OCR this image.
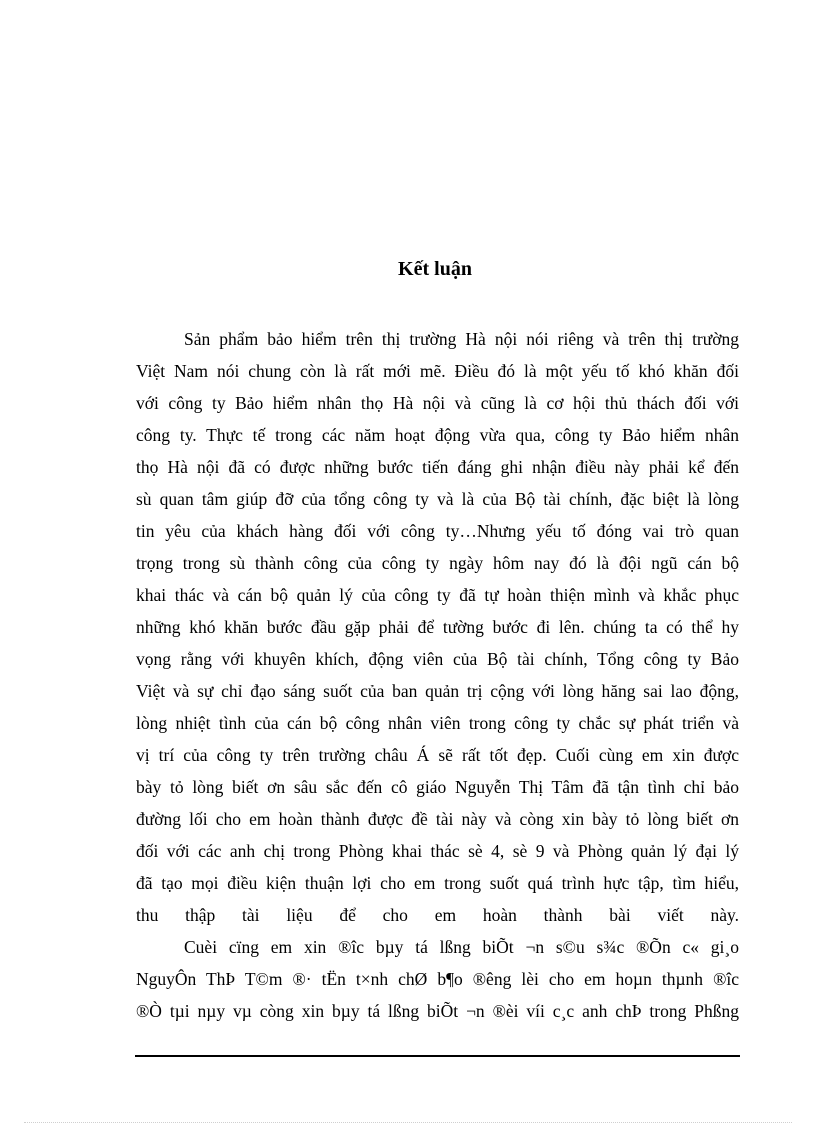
Kết luận
Sản phẩm bảo hiểm trên thị trường Hà nội nói riêng và trên thị trường
Việt Nam nói chung còn là rất mới mẽ. Điều đó là một yếu tố khó khăn đối
với công ty Bảo hiểm nhân thọ Hà nội và cũng là cơ hội thủ thách đối với
công ty. Thực tế trong các năm hoạt động vừa qua, công ty Bảo hiểm nhân
thọ Hà nội đã có được những bước tiến đáng ghi nhận điều này phải kể đến
sù quan tâm giúp đỡ của tổng công ty và là của Bộ tài chính, đặc biệt là lòng
tin yêu của khách hàng đối với công ty…Nhưng yếu tố đóng vai trò quan
trọng trong sù thành công của công ty ngày hôm nay đó là đội ngũ cán bộ
khai thác và cán bộ quản lý của công ty đã tự hoàn thiện mình và khắc phục
những khó khăn bước đầu gặp phải để tường bước đi lên. chúng ta có thể hy
vọng rằng với khuyên khích, động viên của Bộ tài chính, Tổng công ty Bảo
Việt và sự chỉ đạo sáng suốt của ban quản trị cộng với lòng hăng sai lao động,
lòng nhiệt tình của cán bộ công nhân viên trong công ty chắc sự phát triển và
vị trí của công ty trên trường châu Á sẽ rất tốt đẹp. Cuối cùng em xin được
bày tỏ lòng biết ơn sâu sắc đến cô giáo Nguyễn Thị Tâm đã tận tình chỉ bảo
đường lối cho em hoàn thành được đề tài này và còng xin bày tỏ lòng biết ơn
đối với các anh chị trong Phòng khai thác sè 4, sè 9 và Phòng quản lý đại lý
đã tạo mọi điều kiện thuận lợi cho em trong suốt quá trình hực tập, tìm hiểu,
thu thập tài liệu để cho em hoàn thành bài viết này.
Cuèi cïng em xin ®îc bµy tá lßng biÕt ¬n s©u s¾c ®Õn c« gi¸o
NguyÔn ThÞ T©m ®· tËn t×nh chØ b¶o ®êng lèi cho em hoµn thµnh ®îc
®Ò tµi nµy vµ còng xin bµy tá lßng biÕt ¬n ®èi víi c¸c anh chÞ trong Phßng
